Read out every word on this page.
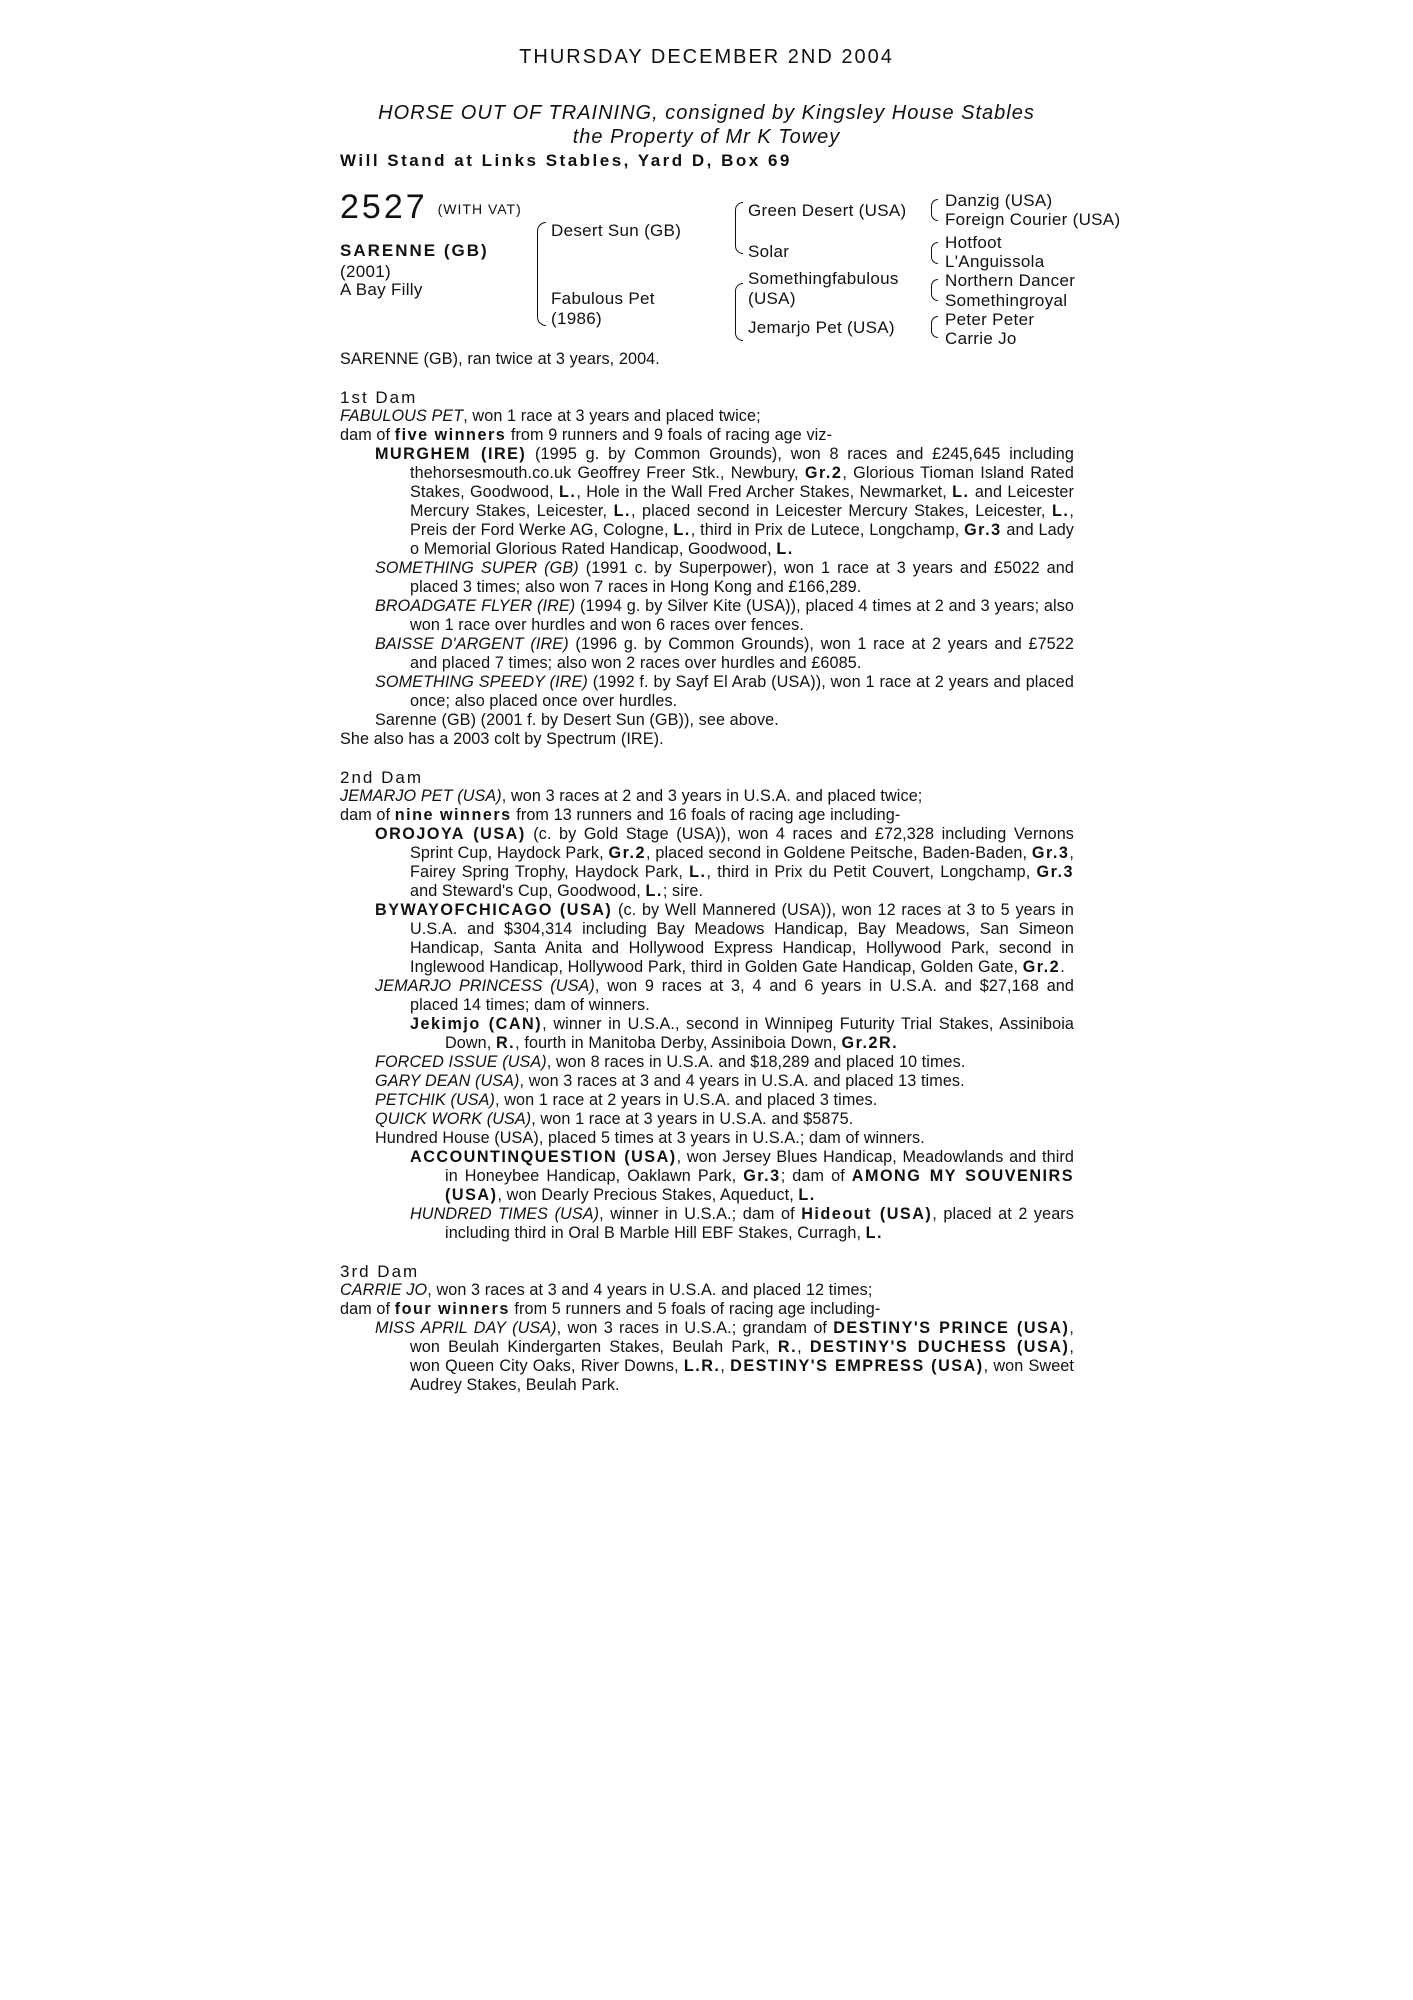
THURSDAY DECEMBER 2ND 2004
HORSE OUT OF TRAINING, consigned by Kingsley House Stables
the Property of Mr K Towey
Will Stand at Links Stables, Yard D, Box 69
2527 (WITH VAT)
SARENNE (GB)
(2001)
A Bay Filly
Desert Sun (GB)
Fabulous Pet
(1986)
Green Desert (USA)
Solar
Somethingfabulous
(USA)
Jemarjo Pet (USA)
Danzig (USA)
Foreign Courier (USA)
Hotfoot
L'Anguissola
Northern Dancer
Somethingroyal
Peter Peter
Carrie Jo

SARENNE (GB), ran twice at 3 years, 2004.

1st Dam

FABULOUS PET, won 1 race at 3 years and placed twice;

dam of five winners from 9 runners and 9 foals of racing age viz-

MURGHEM (IRE) (1995 g. by Common Grounds), won 8 races and £245,645 including thehorsesmouth.co.uk Geoffrey Freer Stk., Newbury, Gr.2, Glorious Tioman Island Rated Stakes, Goodwood, L., Hole in the Wall Fred Archer Stakes, Newmarket, L. and Leicester Mercury Stakes, Leicester, L., placed second in Leicester Mercury Stakes, Leicester, L., Preis der Ford Werke AG, Cologne, L., third in Prix de Lutece, Longchamp, Gr.3 and Lady o Memorial Glorious Rated Handicap, Goodwood, L.

SOMETHING SUPER (GB) (1991 c. by Superpower), won 1 race at 3 years and £5022 and placed 3 times; also won 7 races in Hong Kong and £166,289.

BROADGATE FLYER (IRE) (1994 g. by Silver Kite (USA)), placed 4 times at 2 and 3 years; also won 1 race over hurdles and won 6 races over fences.

BAISSE D'ARGENT (IRE) (1996 g. by Common Grounds), won 1 race at 2 years and £7522 and placed 7 times; also won 2 races over hurdles and £6085.

SOMETHING SPEEDY (IRE) (1992 f. by Sayf El Arab (USA)), won 1 race at 2 years and placed once; also placed once over hurdles.

Sarenne (GB) (2001 f. by Desert Sun (GB)), see above.

She also has a 2003 colt by Spectrum (IRE).

2nd Dam

JEMARJO PET (USA), won 3 races at 2 and 3 years in U.S.A. and placed twice;

dam of nine winners from 13 runners and 16 foals of racing age including-

OROJOYA (USA) (c. by Gold Stage (USA)), won 4 races and £72,328 including Vernons Sprint Cup, Haydock Park, Gr.2, placed second in Goldene Peitsche, Baden-Baden, Gr.3, Fairey Spring Trophy, Haydock Park, L., third in Prix du Petit Couvert, Longchamp, Gr.3 and Steward's Cup, Goodwood, L.; sire.

BYWAYOFCHICAGO (USA) (c. by Well Mannered (USA)), won 12 races at 3 to 5 years in U.S.A. and $304,314 including Bay Meadows Handicap, Bay Meadows, San Simeon Handicap, Santa Anita and Hollywood Express Handicap, Hollywood Park, second in Inglewood Handicap, Hollywood Park, third in Golden Gate Handicap, Golden Gate, Gr.2.

JEMARJO PRINCESS (USA), won 9 races at 3, 4 and 6 years in U.S.A. and $27,168 and placed 14 times; dam of winners.

Jekimjo (CAN), winner in U.S.A., second in Winnipeg Futurity Trial Stakes, Assiniboia Down, R., fourth in Manitoba Derby, Assiniboia Down, Gr.2R.

FORCED ISSUE (USA), won 8 races in U.S.A. and $18,289 and placed 10 times.

GARY DEAN (USA), won 3 races at 3 and 4 years in U.S.A. and placed 13 times.

PETCHIK (USA), won 1 race at 2 years in U.S.A. and placed 3 times.

QUICK WORK (USA), won 1 race at 3 years in U.S.A. and $5875.

Hundred House (USA), placed 5 times at 3 years in U.S.A.; dam of winners.

ACCOUNTINQUESTION (USA), won Jersey Blues Handicap, Meadowlands and third in Honeybee Handicap, Oaklawn Park, Gr.3; dam of AMONG MY SOUVENIRS (USA), won Dearly Precious Stakes, Aqueduct, L.

HUNDRED TIMES (USA), winner in U.S.A.; dam of Hideout (USA), placed at 2 years including third in Oral B Marble Hill EBF Stakes, Curragh, L.

3rd Dam

CARRIE JO, won 3 races at 3 and 4 years in U.S.A. and placed 12 times;

dam of four winners from 5 runners and 5 foals of racing age including-

MISS APRIL DAY (USA), won 3 races in U.S.A.; grandam of DESTINY'S PRINCE (USA), won Beulah Kindergarten Stakes, Beulah Park, R., DESTINY'S DUCHESS (USA), won Queen City Oaks, River Downs, L.R., DESTINY'S EMPRESS (USA), won Sweet Audrey Stakes, Beulah Park.
